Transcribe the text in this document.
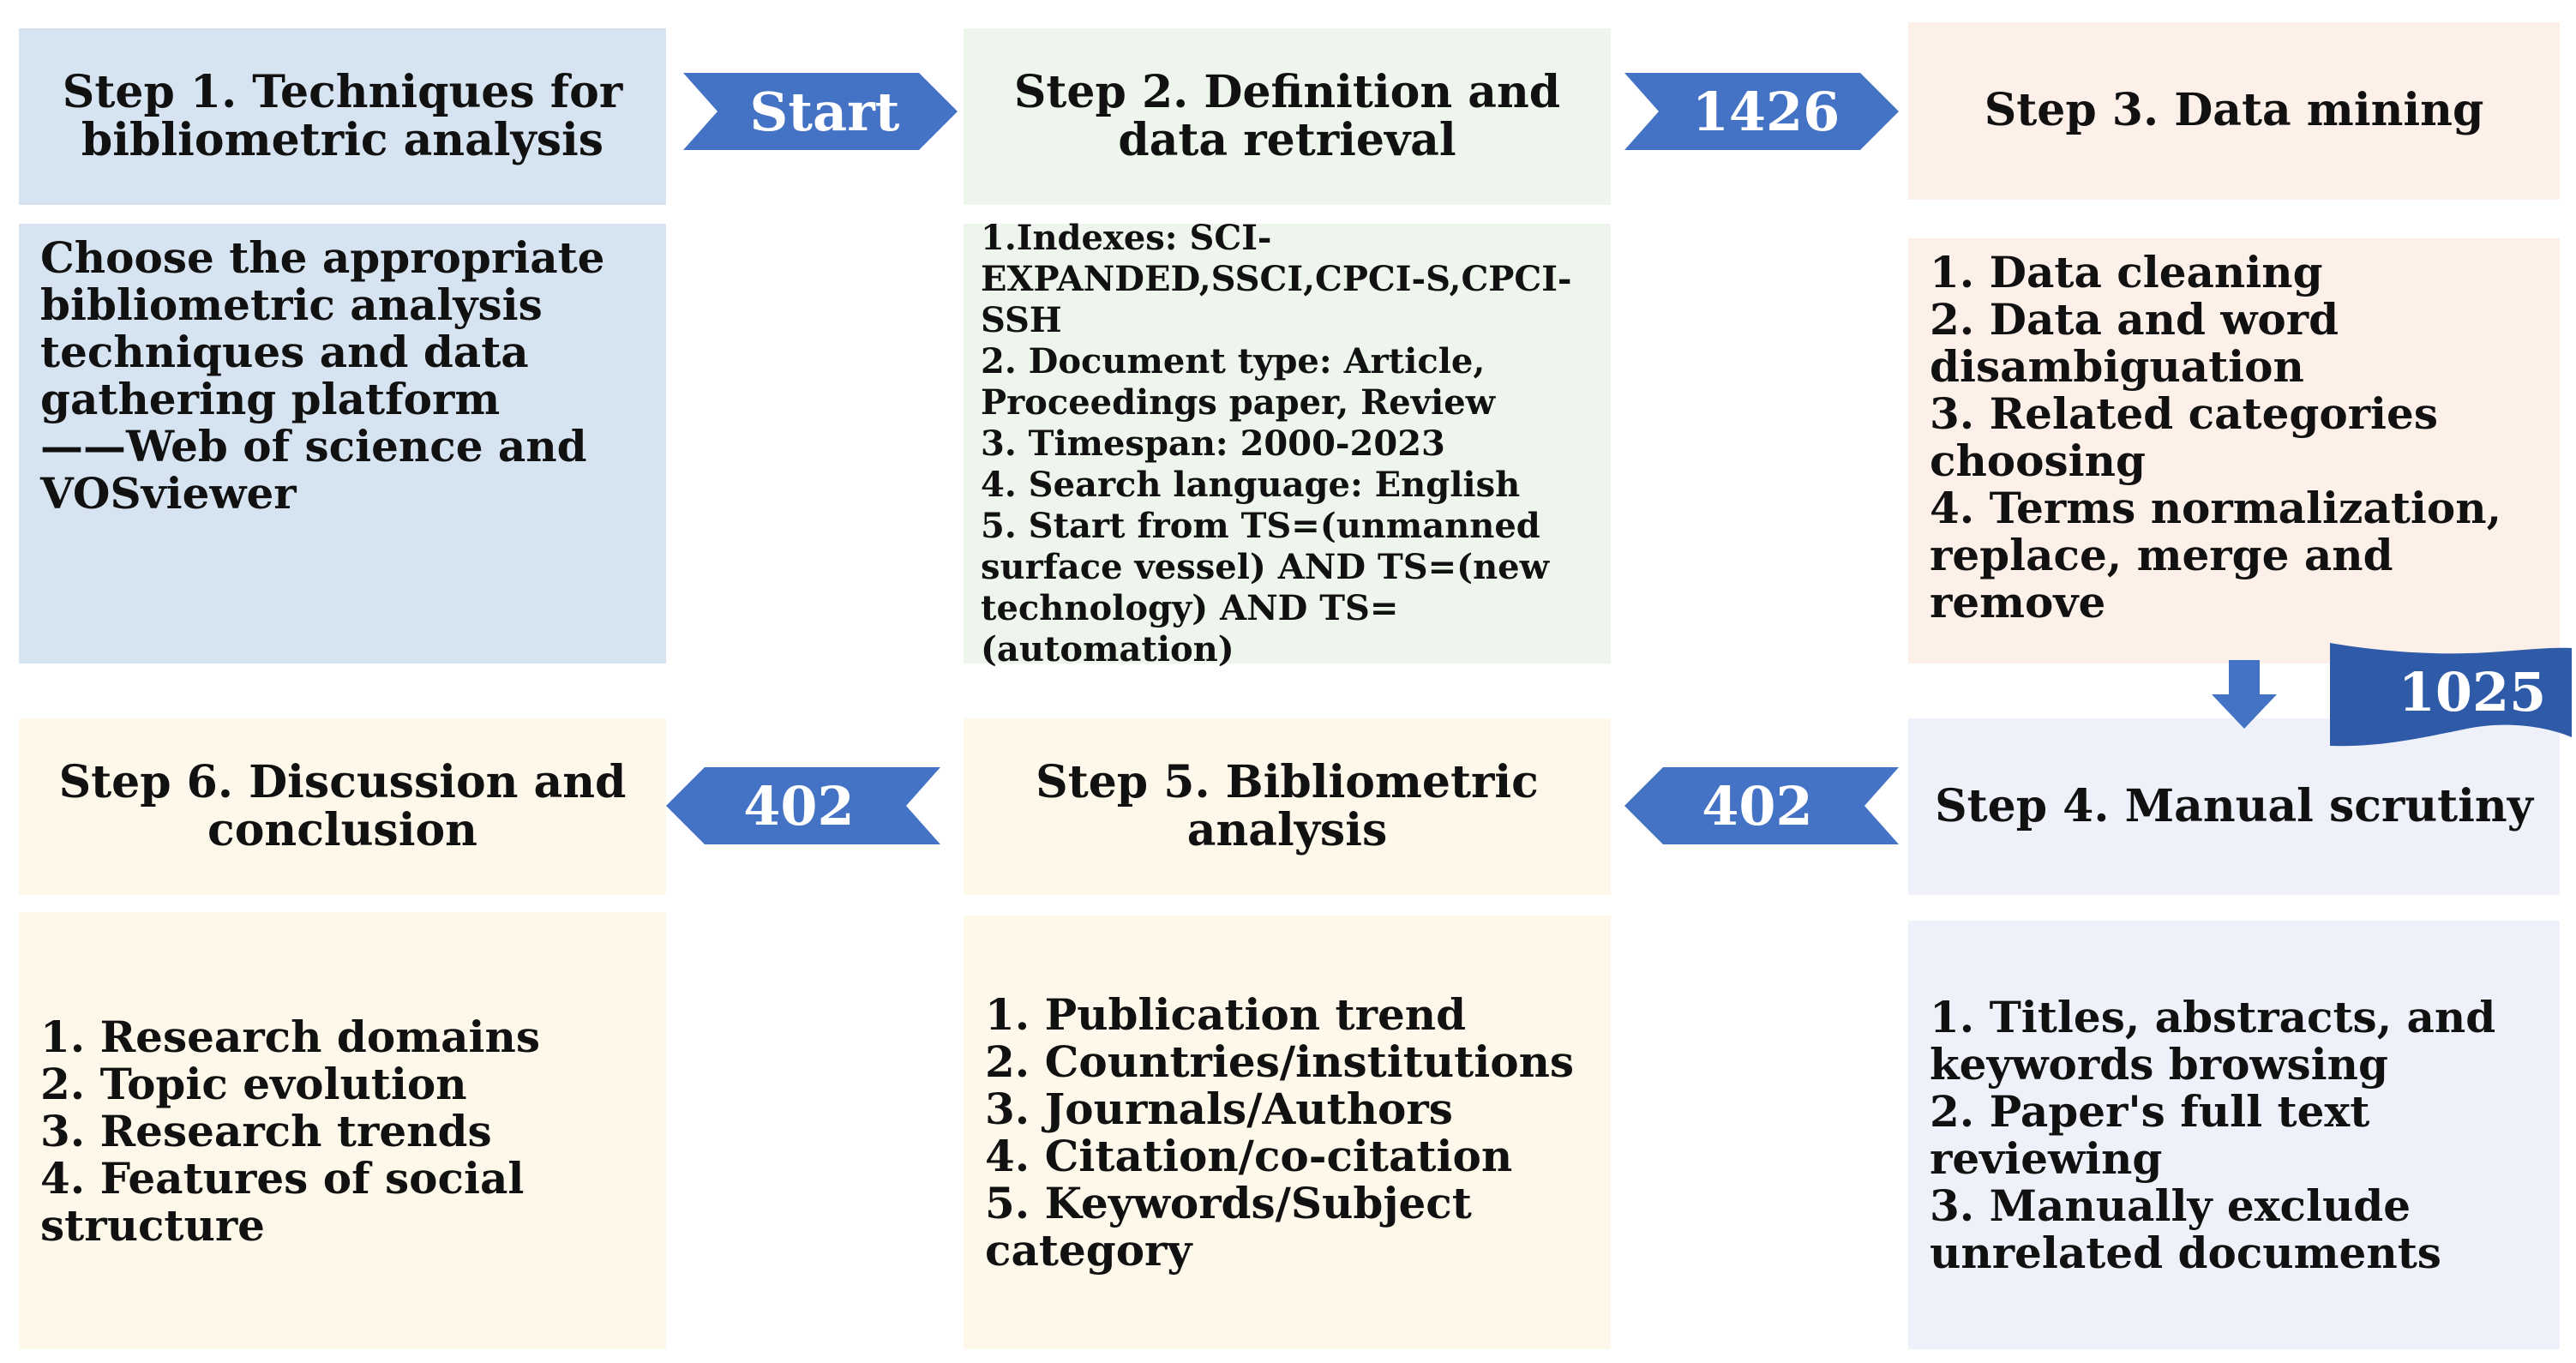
Step 1. Techniques for bibliometric analysis
Choose the appropriate bibliometric analysis techniques and data gathering platform
——Web of science and VOSviewer
Step 2. Definition and data retrieval
1.Indexes: SCI-EXPANDED,SSCI,CPCI-S,CPCI-SSH
2. Document type: Article, Proceedings paper, Review
3. Timespan: 2000-2023
4. Search language: English
5. Start from TS=(unmanned surface vessel) AND TS=(new technology) AND TS=(automation)
Step 3. Data mining
1. Data cleaning
2. Data and word disambiguation
3. Related categories choosing
4. Terms normalization, replace, merge and remove
Step 4. Manual scrutiny
1. Titles, abstracts, and keywords browsing
2. Paper's full text reviewing
3. Manually exclude unrelated documents
Step 5. Bibliometric analysis
1. Publication trend
2. Countries/institutions
3. Journals/Authors
4. Citation/co-citation
5. Keywords/Subject category
Step 6. Discussion and conclusion
1. Research domains
2. Topic evolution
3. Research trends
4. Features of social structure
Start	1426
1025
402
402
